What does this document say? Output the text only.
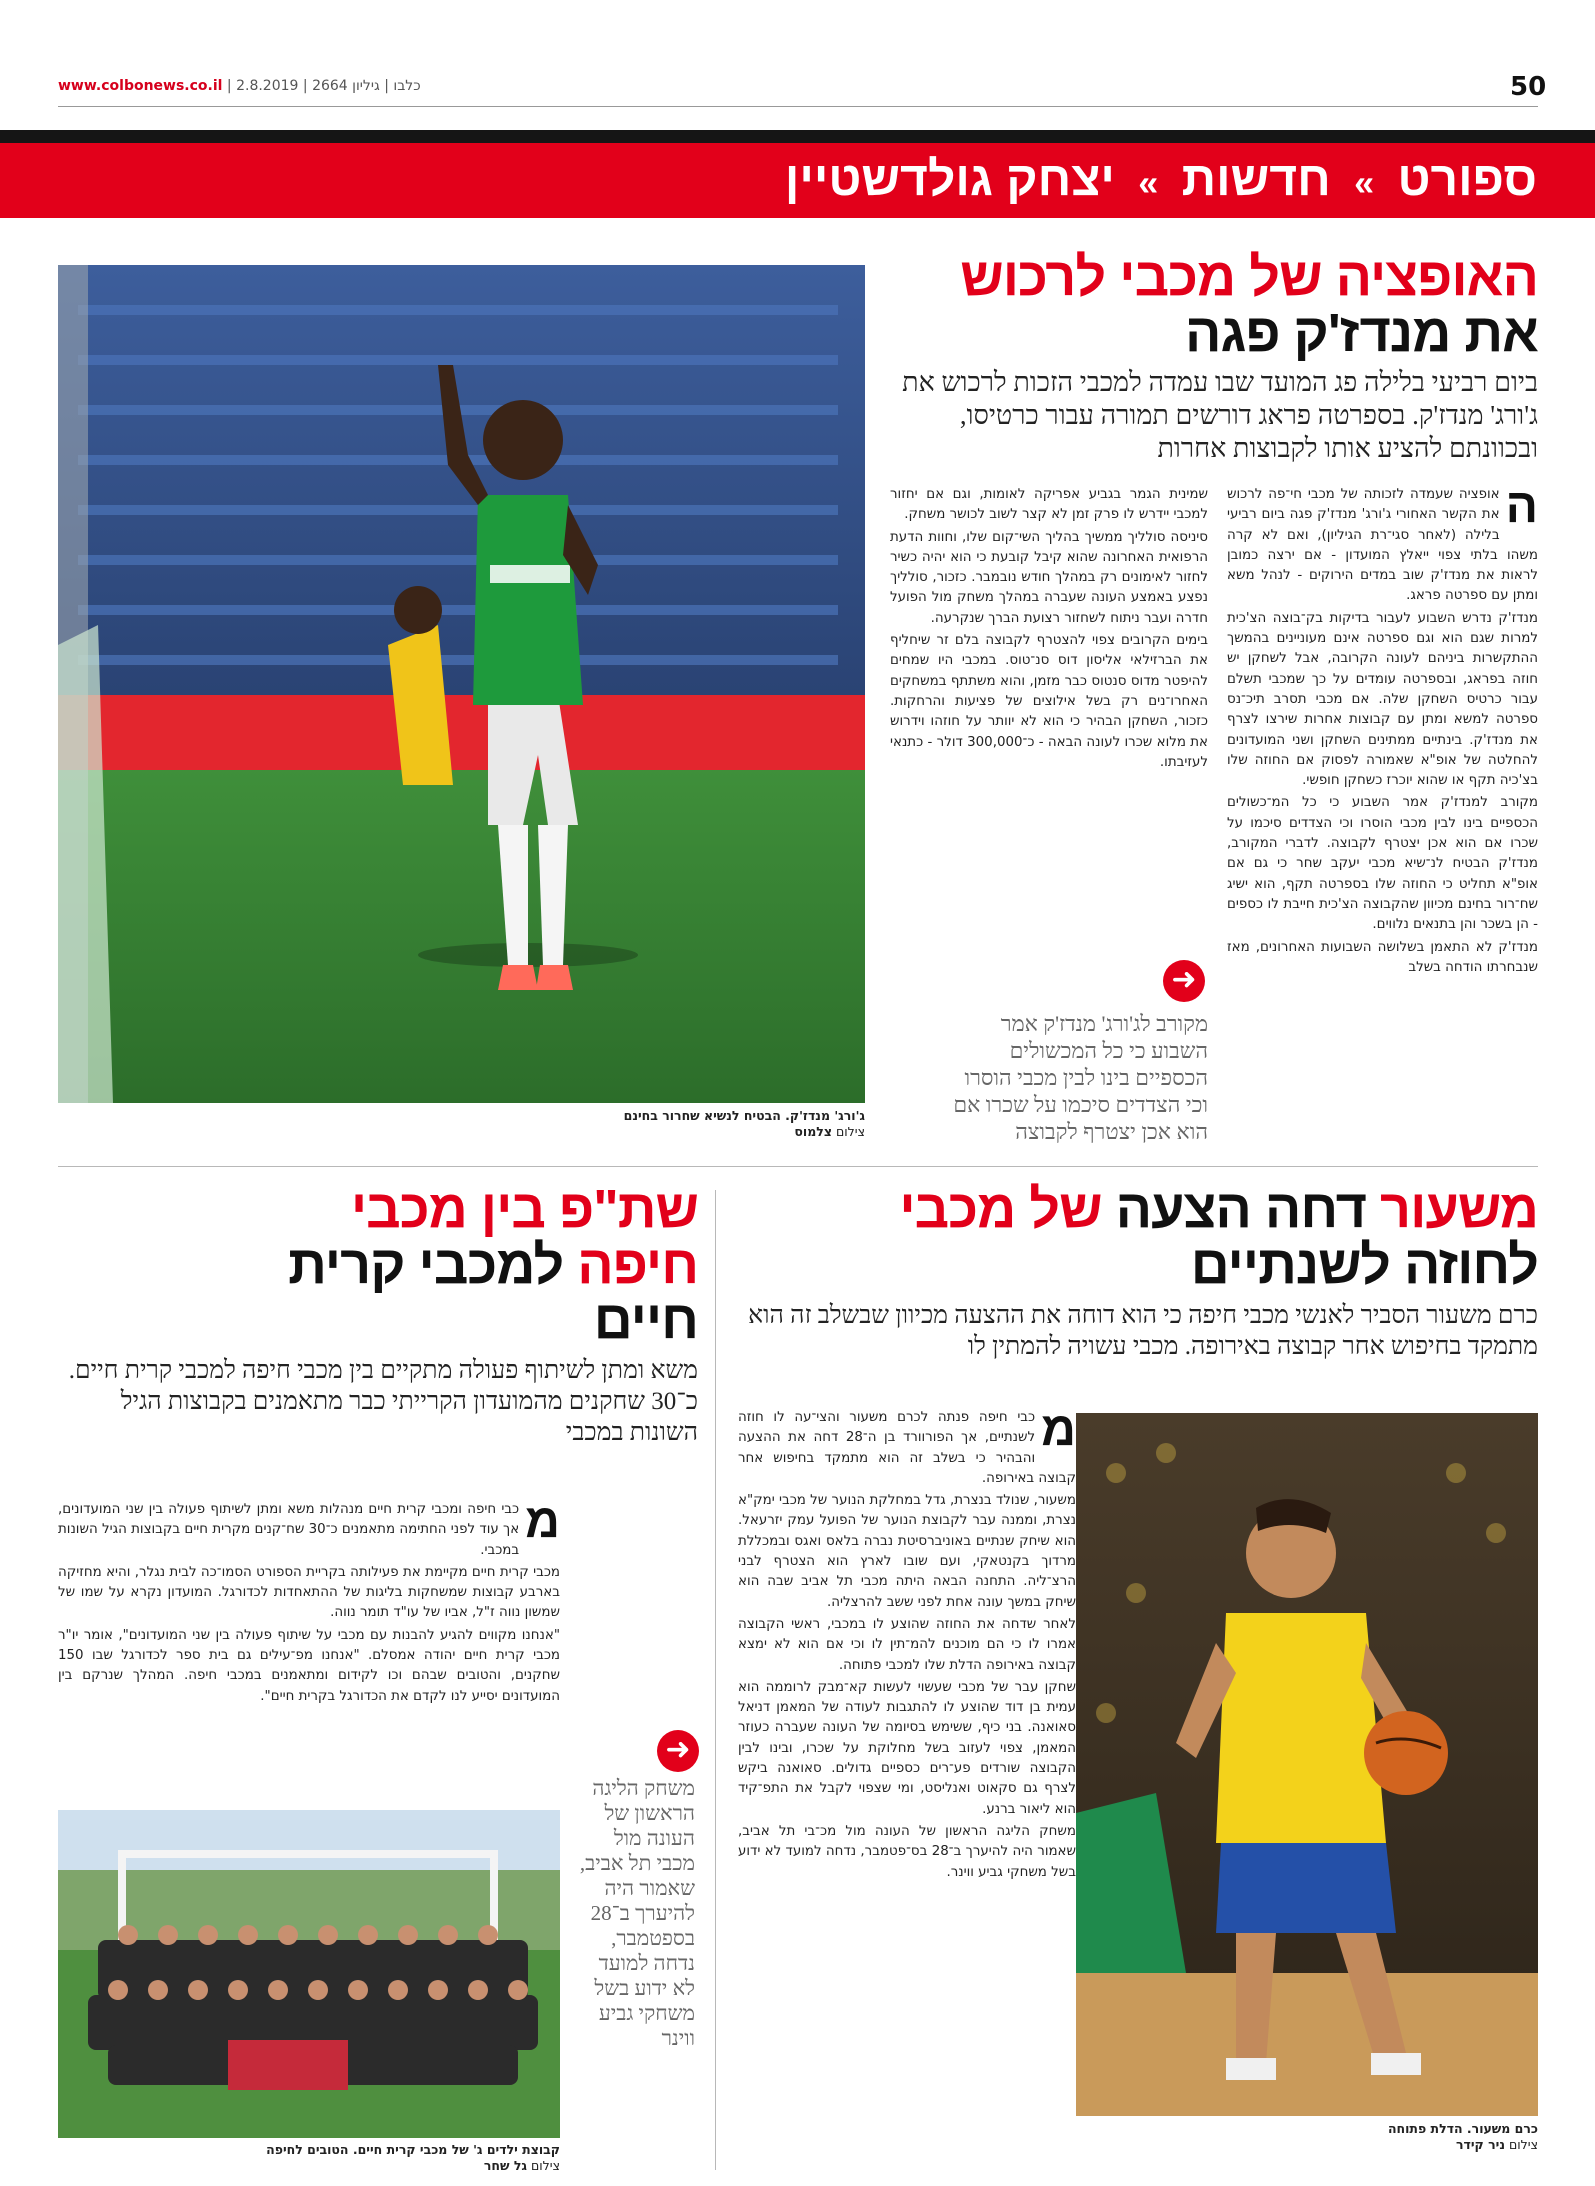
www.colbonews.co.il | כלבו | גיליון 2664 | 2.8.2019	50
ספורט » חדשות » יצחק גולדשטיין
ג'ורג' מנדז'ק. הבטיח לנשיא שחרור בחינם
צילום צלמוס
האופציה של מכבי לרכוש
את מנדז'ק פגה
ביום רביעי בלילה פג המועד שבו עמדה למכבי הזכות לרכוש את ג'ורג' מנדז'ק. בספרטה פראג דורשים תמורה עבור כרטיסו, ובכוונתם להציע אותו לקבוצות אחרות
ה

אופציה שעמדה לזכותה של מכבי חי־פה לרכוש את הקשר האחורי ג'ורג' מנדז'ק פגה ביום רביעי בלילה (לאחר סגי־רת הגיליון), ואם לא קרה משהו בלתי צפוי ייאלץ המועדון - אם ירצה כמובן לראות את מנדז'ק שוב במדים הירוקים - לנהל משא ומתן עם ספרטה פראג.

מנדז'ק נדרש השבוע לעבור בדיקות בק־בוצה הצ'כית למרות שגם הוא וגם ספרטה אינם מעוניינים בהמשך ההתקשרות ביניהם לעונה הקרובה, אבל לשחקן יש חוזה בפראג, ובספרטה עומדים על כך שמכבי תשלם עבור כרטיס השחקן שלה. אם מכבי תסרב תיכ־נס ספרטה למשא ומתן עם קבוצות אחרות שירצו לצרף את מנדז'ק. בינתיים ממתינים השחקן ושני המועדונים להחלטה של אופ"א שאמורה לפסוק אם החוזה שלו בצ'כיה תקף או שהוא יוכרז כשחקן חופשי.

מקורב למנדז'ק אמר השבוע כי כל המ־כשולים הכספיים בינו לבין מכבי הוסרו וכי הצדדים סיכמו על שכרו אם הוא אכן יצטרף לקבוצה. לדברי המקורב, מנדז'ק הבטיח לנ־שיא מכבי יעקב שחר כי גם אם אופ"א תחליט כי החוזה שלו בספרטה תקף, הוא ישיג שח־רור בחינם מכיוון שהקבוצה הצ'כית חייבת לו כספים - הן בשכר והן בתנאים נלווים.

מנדז'ק לא התאמן בשלושה השבועות האחרונים, מאז שנבחרתו הודחה בשלב

שמינית הגמר בגביע אפריקה לאומות, וגם אם יחזור למכבי יידרש לו פרק זמן לא קצר לשוב לכושר משחק.

סיניסה סולליך ממשיך בהליך השי־קום שלו, וחוות הדעת הרפואית האחרונה שהוא קיבל קובעת כי הוא יהיה כשיר לחזור לאימונים רק במהלך חודש נובמבר. כזכור, סולליך נפצע באמצע העונה שעברה במהלך משחק מול הפועל חדרה ועבר ניתוח לשחזור רצועת הברך שנקרעה.

בימים הקרובים צפוי להצטרף לקבוצה בלם זר שיחליף את הברזילאי אליסון דוס סנ־טוס. במכבי היו שמחים להיפטר מדוס סנטוס כבר מזמן, והוא משתתף במשחקים האחרו־נים רק בשל אילוצים של פציעות והרחקות. כזכור, השחקן הבהיר כי הוא לא יוותר על חוזהו וידרוש את מלוא שכרו לעונה הבאה - כ־300,000 דולר - כתנאי לעזיבתו.

➜
מקורב לג'ורג' מנדז'ק אמר השבוע כי כל המכשולים הכספיים בינו לבין מכבי הוסרו וכי הצדדים סיכמו על שכרו אם הוא אכן יצטרף לקבוצה
משעור דחה הצעה של מכבי
לחוזה לשנתיים
כרם משעור הסביר לאנשי מכבי חיפה כי הוא דוחה את ההצעה מכיוון שבשלב זה הוא מתמקד בחיפוש אחר קבוצה באירופה. מכבי עשויה להמתין לו
מ

כבי חיפה פנתה לכרם משעור והצי־עה לו חוזה לשנתיים, אך הפורוורד בן ה־28 דחה את ההצעה והבהיר כי בשלב זה הוא מתמקד בחיפוש אחר קבוצה באירופה.

משעור, שנולד בנצרת, גדל במחלקת הנוער של מכבי ימק"א נצרת, וממנה עבר לקבוצת הנוער של הפועל עמק יזרעאל. הוא שיחק שנתיים באוניברסיטת נברה בלאס ואגס ובמכללת מרדוך בקנטאקי, ועם שובו לארץ הוא הצטרף לבני הרצ־ליה. התחנה הבאה היתה מכבי תל אביב שבה הוא שיחק במשך עונה אחת לפני ששב להרצליה.

לאחר שדחה את החוזה שהוצע לו במכבי, ראשי הקבוצה אמרו לו כי הם מוכנים להמ־תין לו וכי אם הוא לא ימצא קבוצה באירופה הדלת שלו למכבי פתוחה.

שחקן עבר של מכבי שעשוי לעשות קא־מבק לרוממה הוא עמית בן דוד שהוצע לו להתגבות לעודה של המאמן דניאל סאואנה. בני כיף, ששימש בסיומה של העונה שעברה כעוזר המאמן, צפוי לעזוב בשל מחלוקת על שכרו, ובינו לבין הקבוצה שורדים פע־רים כספיים גדולים. סאואנה ביקש לצרף גם סקאוט ואנליסט, ומי שצפוי לקבל את התפ־קיד הוא ליאור ברנע.

משחק הליגה הראשון של העונה מול מכ־בי תל אביב, שאמור היה להיערך ב־28 בס־פטמבר, נדחה למועד לא ידוע בשל משחקי גביע ווינר.

כרם משעור. הדלת פתוחה
צילום ניר קידר
שת"פ בין מכבי
חיפה למכבי קרית
חיים
משא ומתן לשיתוף פעולה מתקיים בין מכבי חיפה למכבי קרית חיים. כ־30 שחקנים מהמועדון הקרייתי כבר מתאמנים בקבוצות הגיל השונות במכבי
מ

כבי חיפה ומכבי קרית חיים מנהלות משא ומתן לשיתוף פעולה בין שני המועדונים, אך עוד לפני החתימה מתאמנים כ־30 שח־קנים מקרית חיים בקבוצות הגיל השונות במכבי.

מכבי קרית חיים מקיימת את פעילותה בקריית הספורט הסמו־כה לבית נגלר, והיא מחזיקה בארבע קבוצות שמשחקות בליגות של ההתאחדות לכדורגל. המועדון נקרא על שמו של שמשון נווה ז"ל, אביו של עו"ד תומר נווה.

"אנחנו מקווים להגיע להבנות עם מכבי על שיתוף פעולה בין שני המועדונים", אומר יו"ר מכבי קרית חיים יהודה אמסלם. "אנחנו מפ־עילים גם בית ספר לכדורגל שבו 150 שחקנים, והטובים שבהם וכו לקידום ומתאמנים במכבי חיפה. המהלך שנרקם בין המועדונים יסייע לנו לקדם את הכדורגל בקרית חיים".

➜
משחק הליגה הראשון של העונה מול מכבי תל אביב, שאמור היה להיערך ב־28 בספטמבר, נדחה למועד לא ידוע בשל משחקי גביע ווינר
קבוצת ילדים ג' של מכבי קרית חיים. הטובים לחיפה
צילום גל שחר
